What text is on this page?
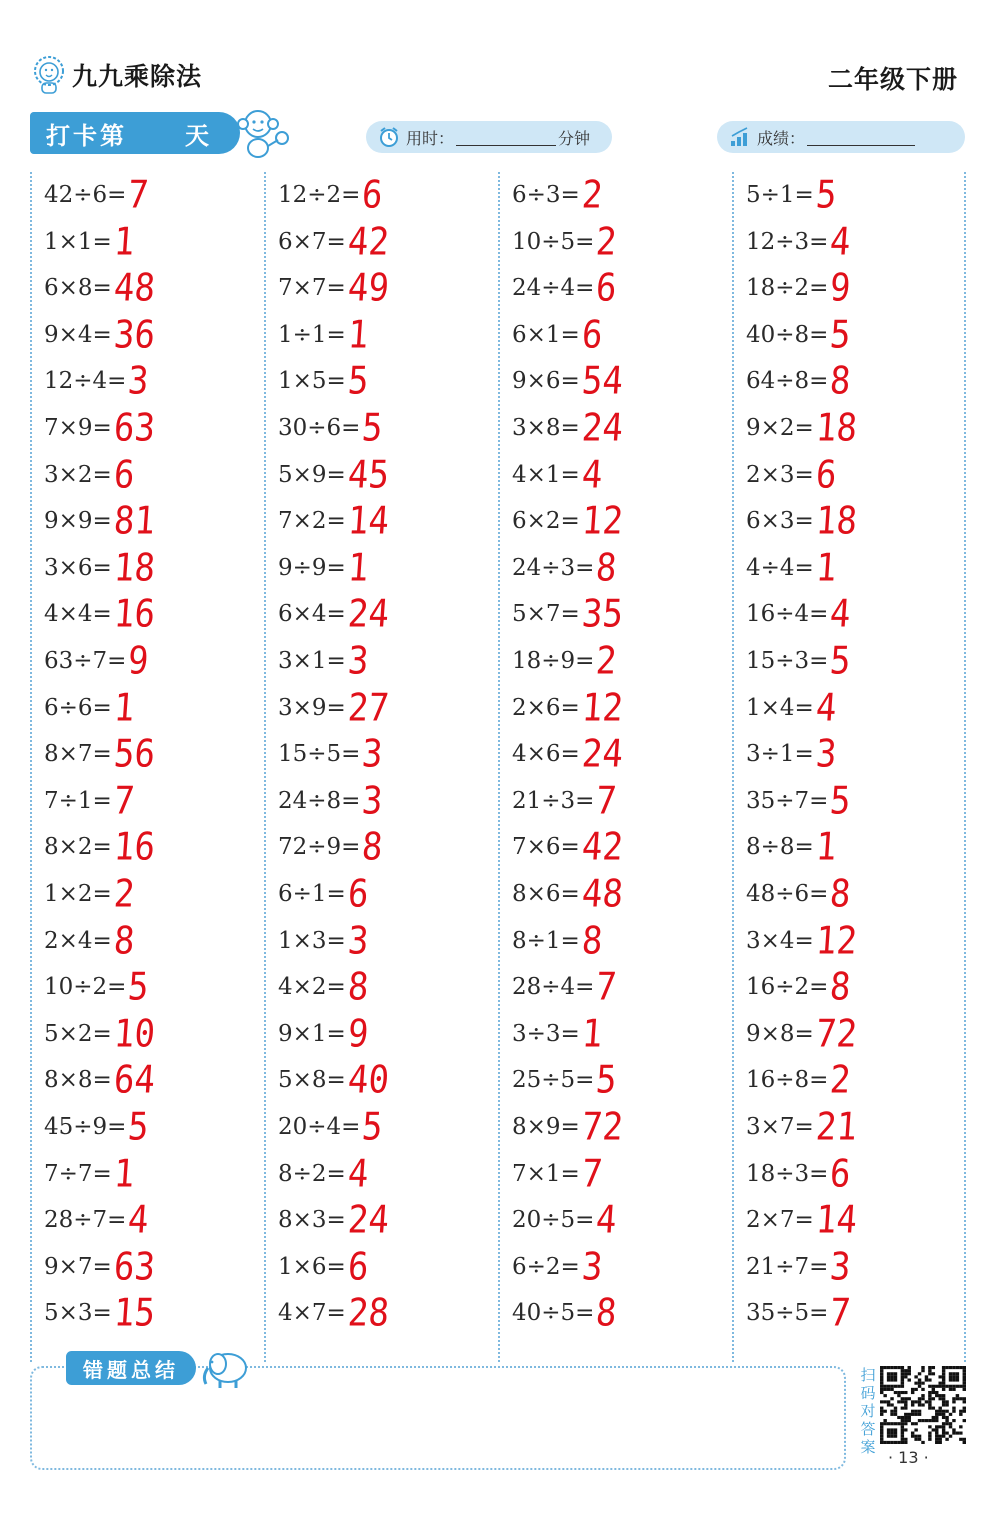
九九乘除法	二年级下册
打卡第 天	用时：	分钟	成绩：
42÷6= 7
1×1= 1
6×8= 48
9×4= 36
12÷4= 3
7×9= 63
3×2= 6
9×9= 81
3×6= 18
4×4= 16
63÷7= 9
6÷6= 1
8×7= 56
7÷1= 7
8×2= 16
1×2= 2
2×4= 8
10÷2= 5
5×2= 10
8×8= 64
45÷9= 5
7÷7= 1
28÷7= 4
9×7= 63
5×3= 15
12÷2= 6
6×7= 42
7×7= 49
1÷1= 1
1×5= 5
30÷6= 5
5×9= 45
7×2= 14
9÷9= 1
6×4= 24
3×1= 3
3×9= 27
15÷5= 3
24÷8= 3
72÷9= 8
6÷1= 6
1×3= 3
4×2= 8
9×1= 9
5×8= 40
20÷4= 5
8÷2= 4
8×3= 24
1×6= 6
4×7= 28
6÷3= 2
10÷5= 2
24÷4= 6
6×1= 6
9×6= 54
3×8= 24
4×1= 4
6×2= 12
24÷3= 8
5×7= 35
18÷9= 2
2×6= 12
4×6= 24
21÷3= 7
7×6= 42
8×6= 48
8÷1= 8
28÷4= 7
3÷3= 1
25÷5= 5
8×9= 72
7×1= 7
20÷5= 4
6÷2= 3
40÷5= 8
5÷1= 5
12÷3= 4
18÷2= 9
40÷8= 5
64÷8= 8
9×2= 18
2×3= 6
6×3= 18
4÷4= 1
16÷4= 4
15÷3= 5
1×4= 4
3÷1= 3
35÷7= 5
8÷8= 1
48÷6= 8
3×4= 12
16÷2= 8
9×8= 72
16÷8= 2
3×7= 21
18÷3= 6
2×7= 14
21÷7= 3
35÷5= 7
错题总结	扫码对答案
· 13 ·
